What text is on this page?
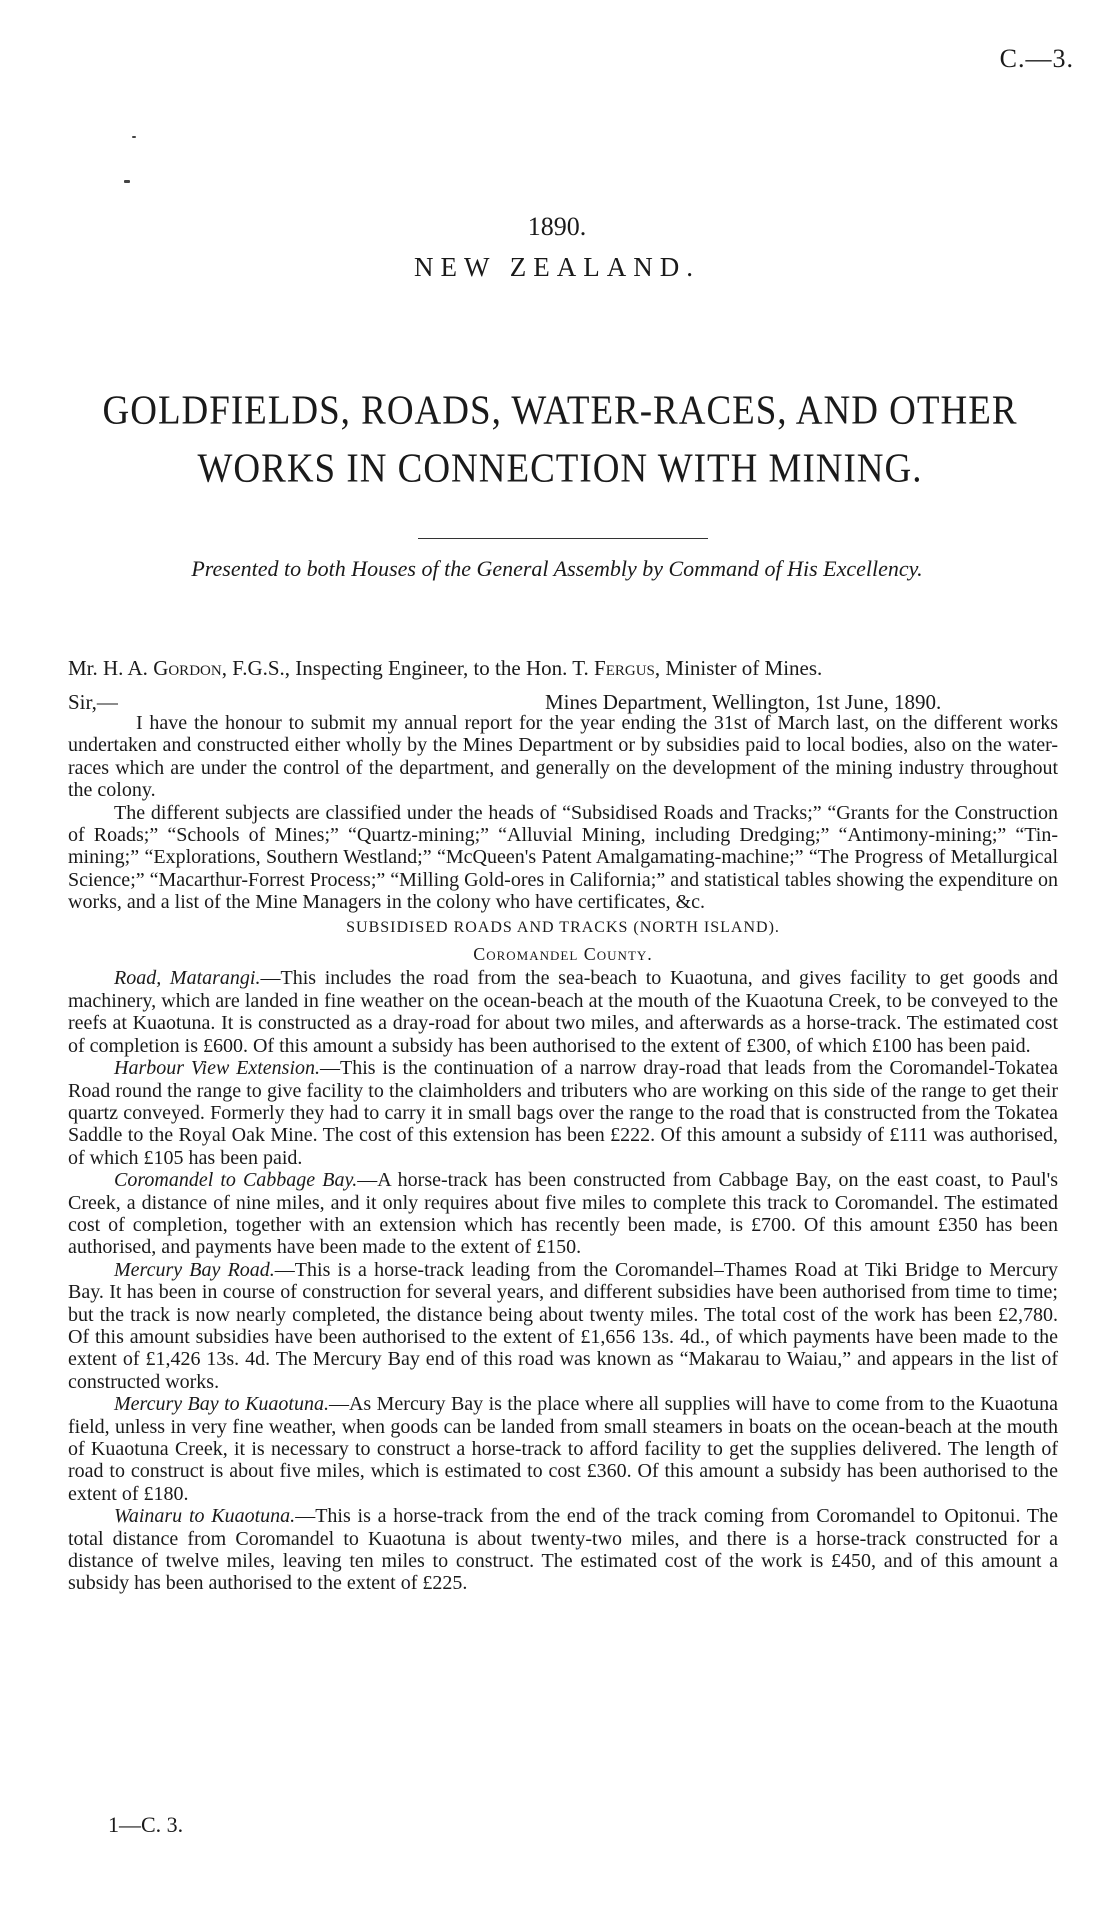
C.—3.
1890.
NEW ZEALAND.
GOLDFIELDS, ROADS, WATER-RACES, AND OTHER WORKS IN CONNECTION WITH MINING.
Presented to both Houses of the General Assembly by Command of His Excellency.
Mr. H. A. Gordon, F.G.S., Inspecting Engineer, to the Hon. T. Fergus, Minister of Mines.
Sir,—	Mines Department, Wellington, 1st June, 1890.

I have the honour to submit my annual report for the year ending the 31st of March last, on the different works undertaken and constructed either wholly by the Mines Department or by subsidies paid to local bodies, also on the water-races which are under the control of the department, and generally on the development of the mining industry throughout the colony.

The different subjects are classified under the heads of “Subsidised Roads and Tracks;” “Grants for the Construction of Roads;” “Schools of Mines;” “Quartz-mining;” “Alluvial Mining, including Dredging;” “Antimony-mining;” “Tin-mining;” “Explorations, Southern Westland;” “McQueen's Patent Amalgamating-machine;” “The Progress of Metallurgical Science;” “Macarthur-Forrest Process;” “Milling Gold-ores in California;” and statistical tables showing the expenditure on works, and a list of the Mine Managers in the colony who have certificates, &c.

SUBSIDISED ROADS AND TRACKS (NORTH ISLAND).

Coromandel County.

Road, Matarangi.—This includes the road from the sea-beach to Kuaotuna, and gives facility to get goods and machinery, which are landed in fine weather on the ocean-beach at the mouth of the Kuaotuna Creek, to be conveyed to the reefs at Kuaotuna. It is constructed as a dray-road for about two miles, and afterwards as a horse-track. The estimated cost of completion is £600. Of this amount a subsidy has been authorised to the extent of £300, of which £100 has been paid.

Harbour View Extension.—This is the continuation of a narrow dray-road that leads from the Coromandel-Tokatea Road round the range to give facility to the claimholders and tributers who are working on this side of the range to get their quartz conveyed. Formerly they had to carry it in small bags over the range to the road that is constructed from the Tokatea Saddle to the Royal Oak Mine. The cost of this extension has been £222. Of this amount a subsidy of £111 was authorised, of which £105 has been paid.

Coromandel to Cabbage Bay.—A horse-track has been constructed from Cabbage Bay, on the east coast, to Paul's Creek, a distance of nine miles, and it only requires about five miles to complete this track to Coromandel. The estimated cost of completion, together with an extension which has recently been made, is £700. Of this amount £350 has been authorised, and payments have been made to the extent of £150.

Mercury Bay Road.—This is a horse-track leading from the Coromandel–Thames Road at Tiki Bridge to Mercury Bay. It has been in course of construction for several years, and different subsidies have been authorised from time to time; but the track is now nearly completed, the distance being about twenty miles. The total cost of the work has been £2,780. Of this amount subsidies have been authorised to the extent of £1,656 13s. 4d., of which payments have been made to the extent of £1,426 13s. 4d. The Mercury Bay end of this road was known as “Makarau to Waiau,” and appears in the list of constructed works.

Mercury Bay to Kuaotuna.—As Mercury Bay is the place where all supplies will have to come from to the Kuaotuna field, unless in very fine weather, when goods can be landed from small steamers in boats on the ocean-beach at the mouth of Kuaotuna Creek, it is necessary to construct a horse-track to afford facility to get the supplies delivered. The length of road to construct is about five miles, which is estimated to cost £360. Of this amount a subsidy has been authorised to the extent of £180.

Wainaru to Kuaotuna.—This is a horse-track from the end of the track coming from Coromandel to Opitonui. The total distance from Coromandel to Kuaotuna is about twenty-two miles, and there is a horse-track constructed for a distance of twelve miles, leaving ten miles to construct. The estimated cost of the work is £450, and of this amount a subsidy has been authorised to the extent of £225.

1—C. 3.
